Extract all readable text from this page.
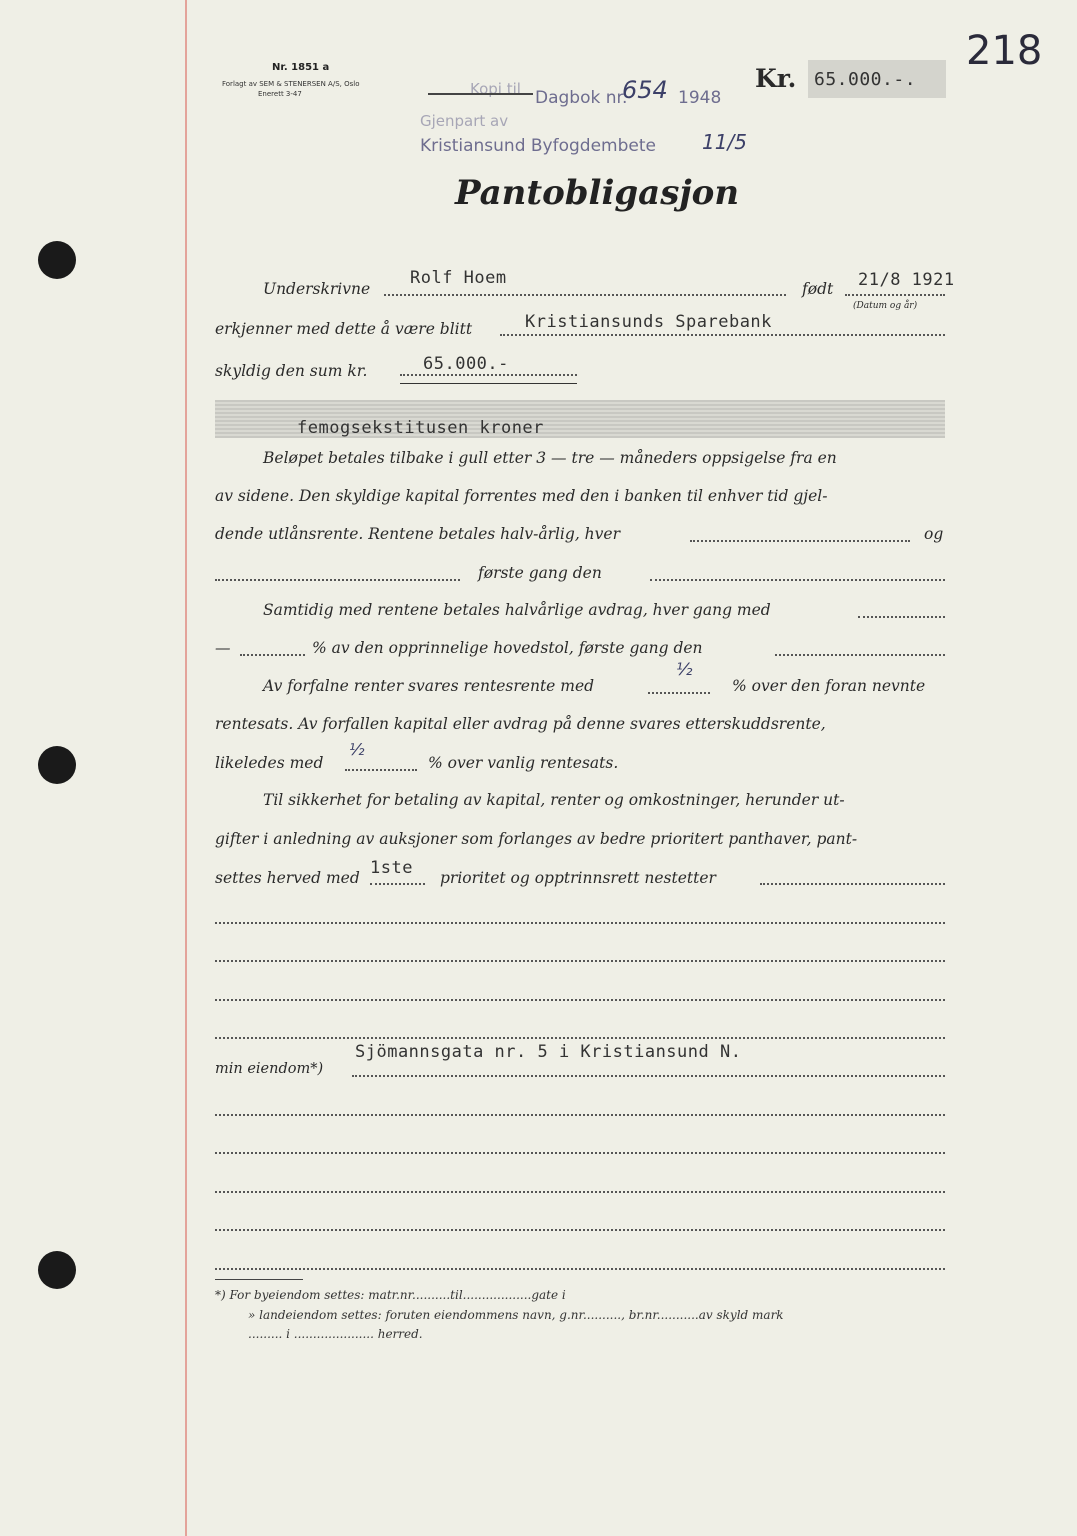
218
Nr. 1851 a
Forlagt av SEM & STENERSEN A/S, Oslo
Enerett 3-47	Kopi til Dagbok nr.
654 1948
Gjenpart av
Kristiansund Byfogdembete 11/5
Kr. 65.000.-.
Pantobligasjon
Underskrivne
Rolf Hoem
født 21/8 1921
(Datum og år)
erkjenner med dette å være blitt	Kristiansunds Sparebank
skyldig den sum kr.	65.000.-
femogsekstitusen kroner
Beløpet betales tilbake i gull etter 3 — tre — måneders oppsigelse fra en
av sidene. Den skyldige kapital forrentes med den i banken til enhver tid gjel-
dende utlånsrente. Rentene betales halv-årlig, hver	og
første gang den
Samtidig med rentene betales halvårlige avdrag, hver gang med
—	% av den opprinnelige hovedstol, første gang den
Av forfalne renter svares rentesrente med
½
% over den foran nevnte
rentesats. Av forfallen kapital eller avdrag på denne svares etterskuddsrente,
likeledes med
½
% over vanlig rentesats.
Til sikkerhet for betaling av kapital, renter og omkostninger, herunder ut-
gifter i anledning av auksjoner som forlanges av bedre prioritert panthaver, pant-
settes herved med 1ste prioritet og opptrinnsrett nestetter
Sjömannsgata nr. 5 i Kristiansund N.
min eiendom*)
*) For byeiendom settes: matr.nr..........til..................gate i
» landeiendom settes: foruten eiendommens navn, g.nr.........., br.nr...........av skyld mark
......... i ..................... herred.
